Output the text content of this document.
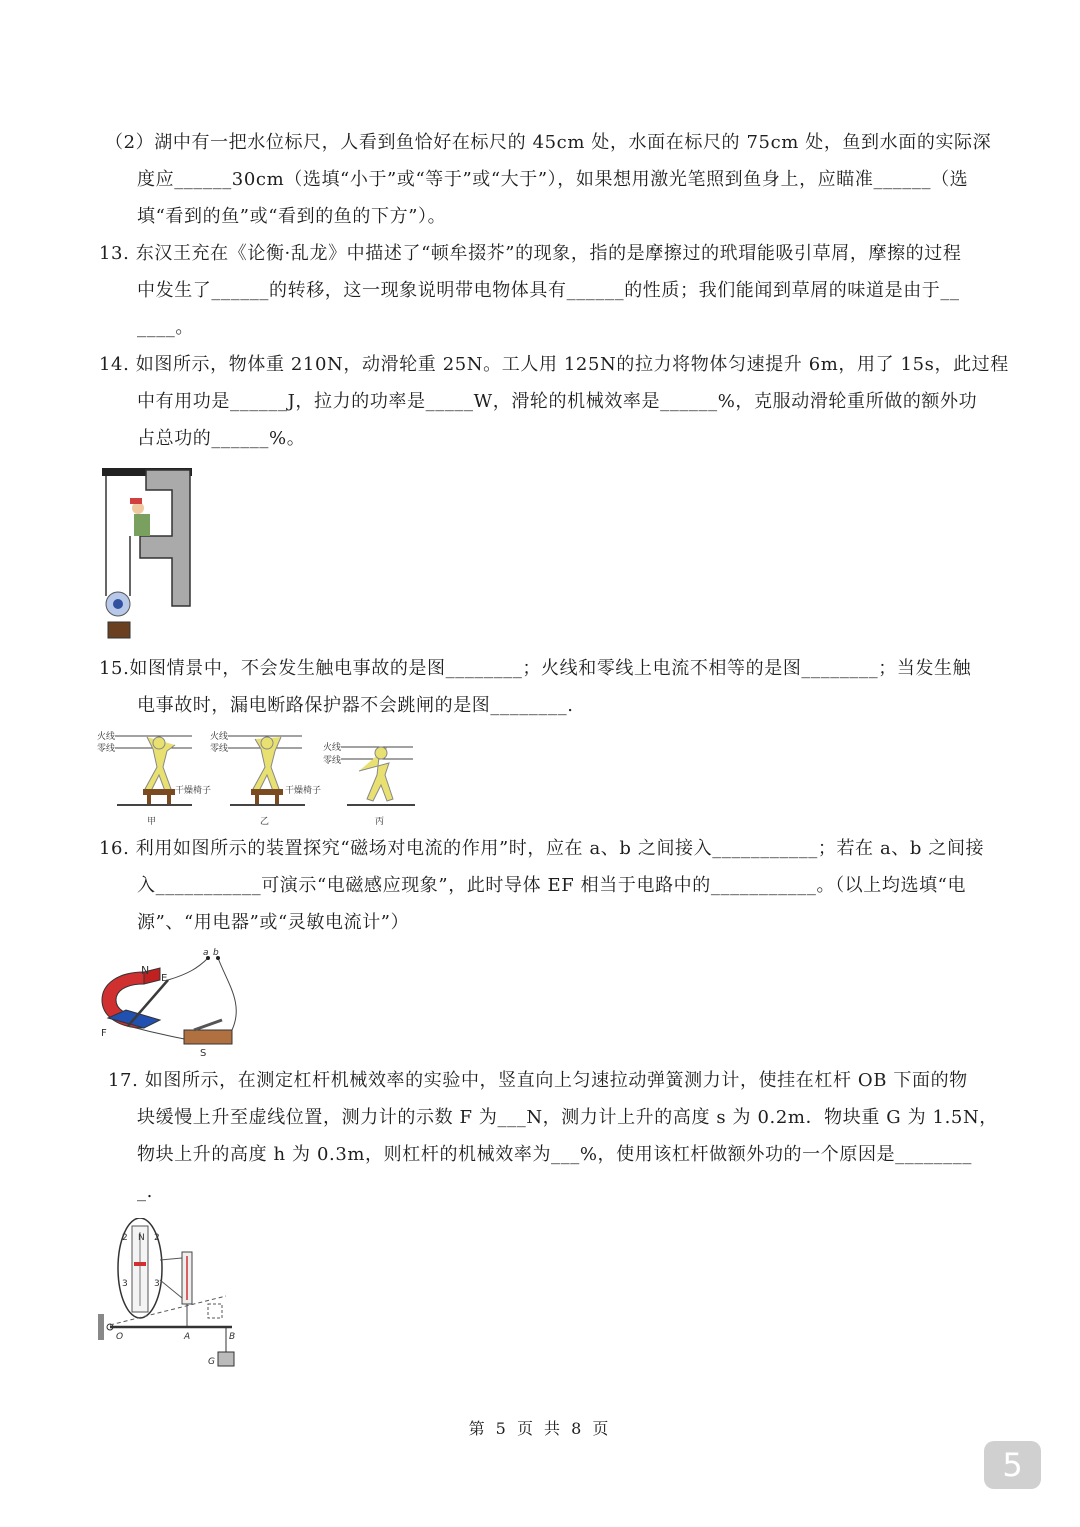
（2）湖中有一把水位标尺，人看到鱼恰好在标尺的 45cm 处，水面在标尺的 75cm 处，鱼到水面的实际深
度应______30cm（选填“小于”或“等于”或“大于”），如果想用激光笔照到鱼身上，应瞄准______（选
填“看到的鱼”或“看到的鱼的下方”）。
13. 东汉王充在《论衡·乱龙》中描述了“顿牟掇芥”的现象，指的是摩擦过的玳瑁能吸引草屑，摩擦的过程
中发生了______的转移，这一现象说明带电物体具有______的性质；我们能闻到草屑的味道是由于__
____。
14. 如图所示，物体重 210N，动滑轮重 25N。工人用 125N的拉力将物体匀速提升 6m，用了 15s，此过程
中有用功是______J，拉力的功率是_____W，滑轮的机械效率是______%，克服动滑轮重所做的额外功
占总功的______%。
15.如图情景中，不会发生触电事故的是图________；火线和零线上电流不相等的是图________；当发生触
电事故时，漏电断路保护器不会跳闸的是图________.
火线
零线
干燥椅子
甲
火线
零线
干燥椅子
乙
火线
零线
丙
16. 利用如图所示的装置探究“磁场对电流的作用”时，应在 a、b 之间接入___________；若在 a、b 之间接
入___________可演示“电磁感应现象”，此时导体 EF 相当于电路中的___________。（以上均选填“电
源”、“用电器”或“灵敏电流计”）
a b
N
E
F
S
17. 如图所示，在测定杠杆机械效率的实验中，竖直向上匀速拉动弹簧测力计，使挂在杠杆 OB 下面的物
块缓慢上升至虚线位置，测力计的示数 F 为___N，测力计上升的高度 s 为 0.2m．物块重 G 为 1.5N，
物块上升的高度 h 为 0.3m，则杠杆的机械效率为___%，使用该杠杆做额外功的一个原因是________
_.
N
2	2
3	3
O	A	B
G
第 5 页 共 8 页
5
